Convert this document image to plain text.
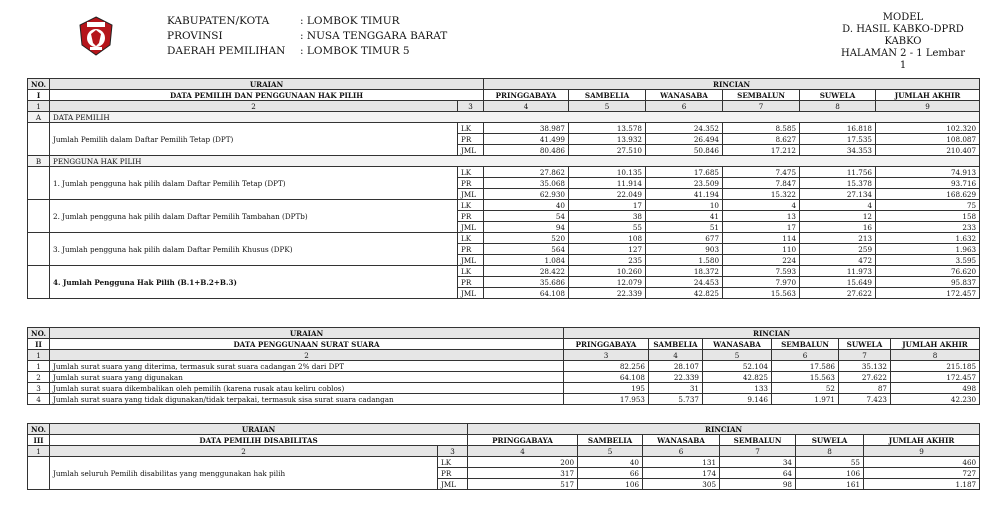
KABUPATEN/KOTA
PROVINSI
DAERAH PEMILIHAN
: LOMBOK TIMUR
: NUSA TENGGARA BARAT
: LOMBOK TIMUR 5
MODEL
D. HASIL KABKO-DPRD
KABKO
HALAMAN 2 - 1 Lembar 1
NO.	URAIAN		RINCIAN					
I	DATA PEMILIH DAN PENGGUNAAN HAK PILIH		PRINGGABAYA	SAMBELIA	WANASABA	SEMBALUN	SUWELA	JUMLAH AKHIR
1	2	3	4	5	6	7	8	9
A	DATA PEMILIH							
	Jumlah Pemilih dalam Daftar Pemilih Tetap (DPT)	LK	38.987	13.578	24.352	8.585	16.818	102.320
		PR	41.499	13.932	26.494	8.627	17.535	108.087
		JML	80.486	27.510	50.846	17.212	34.353	210.407
B	PENGGUNA HAK PILIH							
	1. Jumlah pengguna hak pilih dalam Daftar Pemilih Tetap (DPT)	LK	27.862	10.135	17.685	7.475	11.756	74.913
		PR	35.068	11.914	23.509	7.847	15.378	93.716
		JML	62.930	22.049	41.194	15.322	27.134	168.629
	2. Jumlah pengguna hak pilih dalam Daftar Pemilih Tambahan (DPTb)	LK	40	17	10	4	4	75
		PR	54	38	41	13	12	158
		JML	94	55	51	17	16	233
	3. Jumlah pengguna hak pilih dalam Daftar Pemilih Khusus (DPK)	LK	520	108	677	114	213	1.632
		PR	564	127	903	110	259	1.963
		JML	1.084	235	1.580	224	472	3.595
	4. Jumlah Pengguna Hak Pilih (B.1+B.2+B.3)	LK	28.422	10.260	18.372	7.593	11.973	76.620
		PR	35.686	12.079	24.453	7.970	15.649	95.837
		JML	64.108	22.339	42.825	15.563	27.622	172.457
NO.	URAIAN	RINCIAN					
II	DATA PENGGUNAAN SURAT SUARA	PRINGGABAYA	SAMBELIA	WANASABA	SEMBALUN	SUWELA	JUMLAH AKHIR
1	2	3	4	5	6	7	8
1	Jumlah surat suara yang diterima, termasuk surat suara cadangan 2% dari DPT	82.256	28.107	52.104	17.586	35.132	215.185
2	Jumlah surat suara yang digunakan	64.108	22.339	42.825	15.563	27.622	172.457
3	Jumlah surat suara dikembalikan oleh pemilih (karena rusak atau keliru coblos)	195	31	133	52	87	498
4	Jumlah surat suara yang tidak digunakan/tidak terpakai, termasuk sisa surat suara cadangan	17.953	5.737	9.146	1.971	7.423	42.230
NO.	URAIAN		RINCIAN					
III	DATA PEMILIH DISABILITAS		PRINGGABAYA	SAMBELIA	WANASABA	SEMBALUN	SUWELA	JUMLAH AKHIR
1	2	3	4	5	6	7	8	9
	Jumlah seluruh Pemilih disabilitas yang menggunakan hak pilih	LK	200	40	131	34	55	460
		PR	317	66	174	64	106	727
		JML	517	106	305	98	161	1.187
